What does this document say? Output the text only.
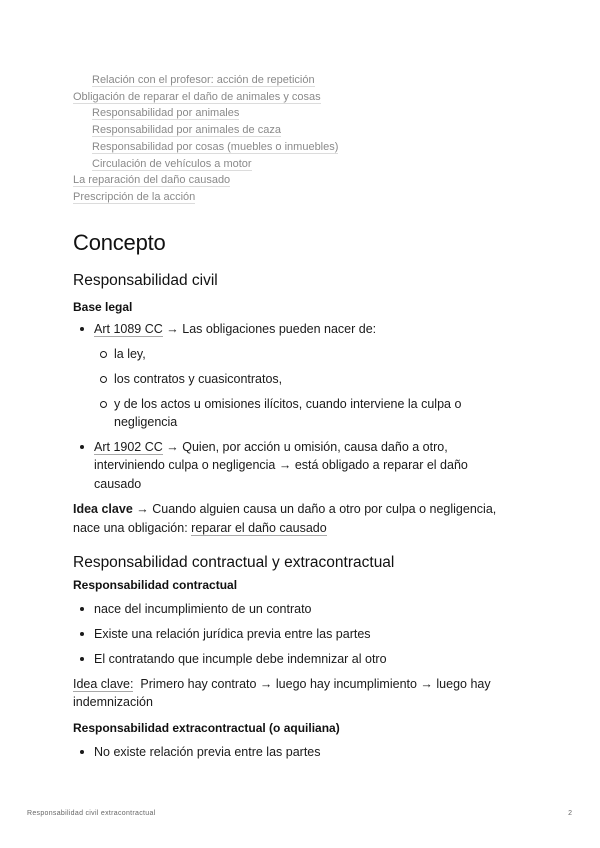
Relación con el profesor: acción de repetición
Obligación de reparar el daño de animales y cosas
Responsabilidad por animales
Responsabilidad por animales de caza
Responsabilidad por cosas (muebles o inmuebles)
Circulación de vehículos a motor
La reparación del daño causado
Prescripción de la acción
Concepto
Responsabilidad civil
Base legal
Art 1089 CC → Las obligaciones pueden nacer de:
la ley,
los contratos y cuasicontratos,
y de los actos u omisiones ilícitos, cuando interviene la culpa o negligencia
Art 1902 CC → Quien, por acción u omisión, causa daño a otro, interviniendo culpa o negligencia → está obligado a reparar el daño causado

Idea clave → Cuando alguien causa un daño a otro por culpa o negligencia, nace una obligación: reparar el daño causado

Responsabilidad contractual y extracontractual
Responsabilidad contractual
nace del incumplimiento de un contrato
Existe una relación jurídica previa entre las partes
El contratando que incumple debe indemnizar al otro

Idea clave: Primero hay contrato → luego hay incumplimiento → luego hay indemnización

Responsabilidad extracontractual (o aquiliana)
No existe relación previa entre las partes
Responsabilidad civil extracontractual	2
